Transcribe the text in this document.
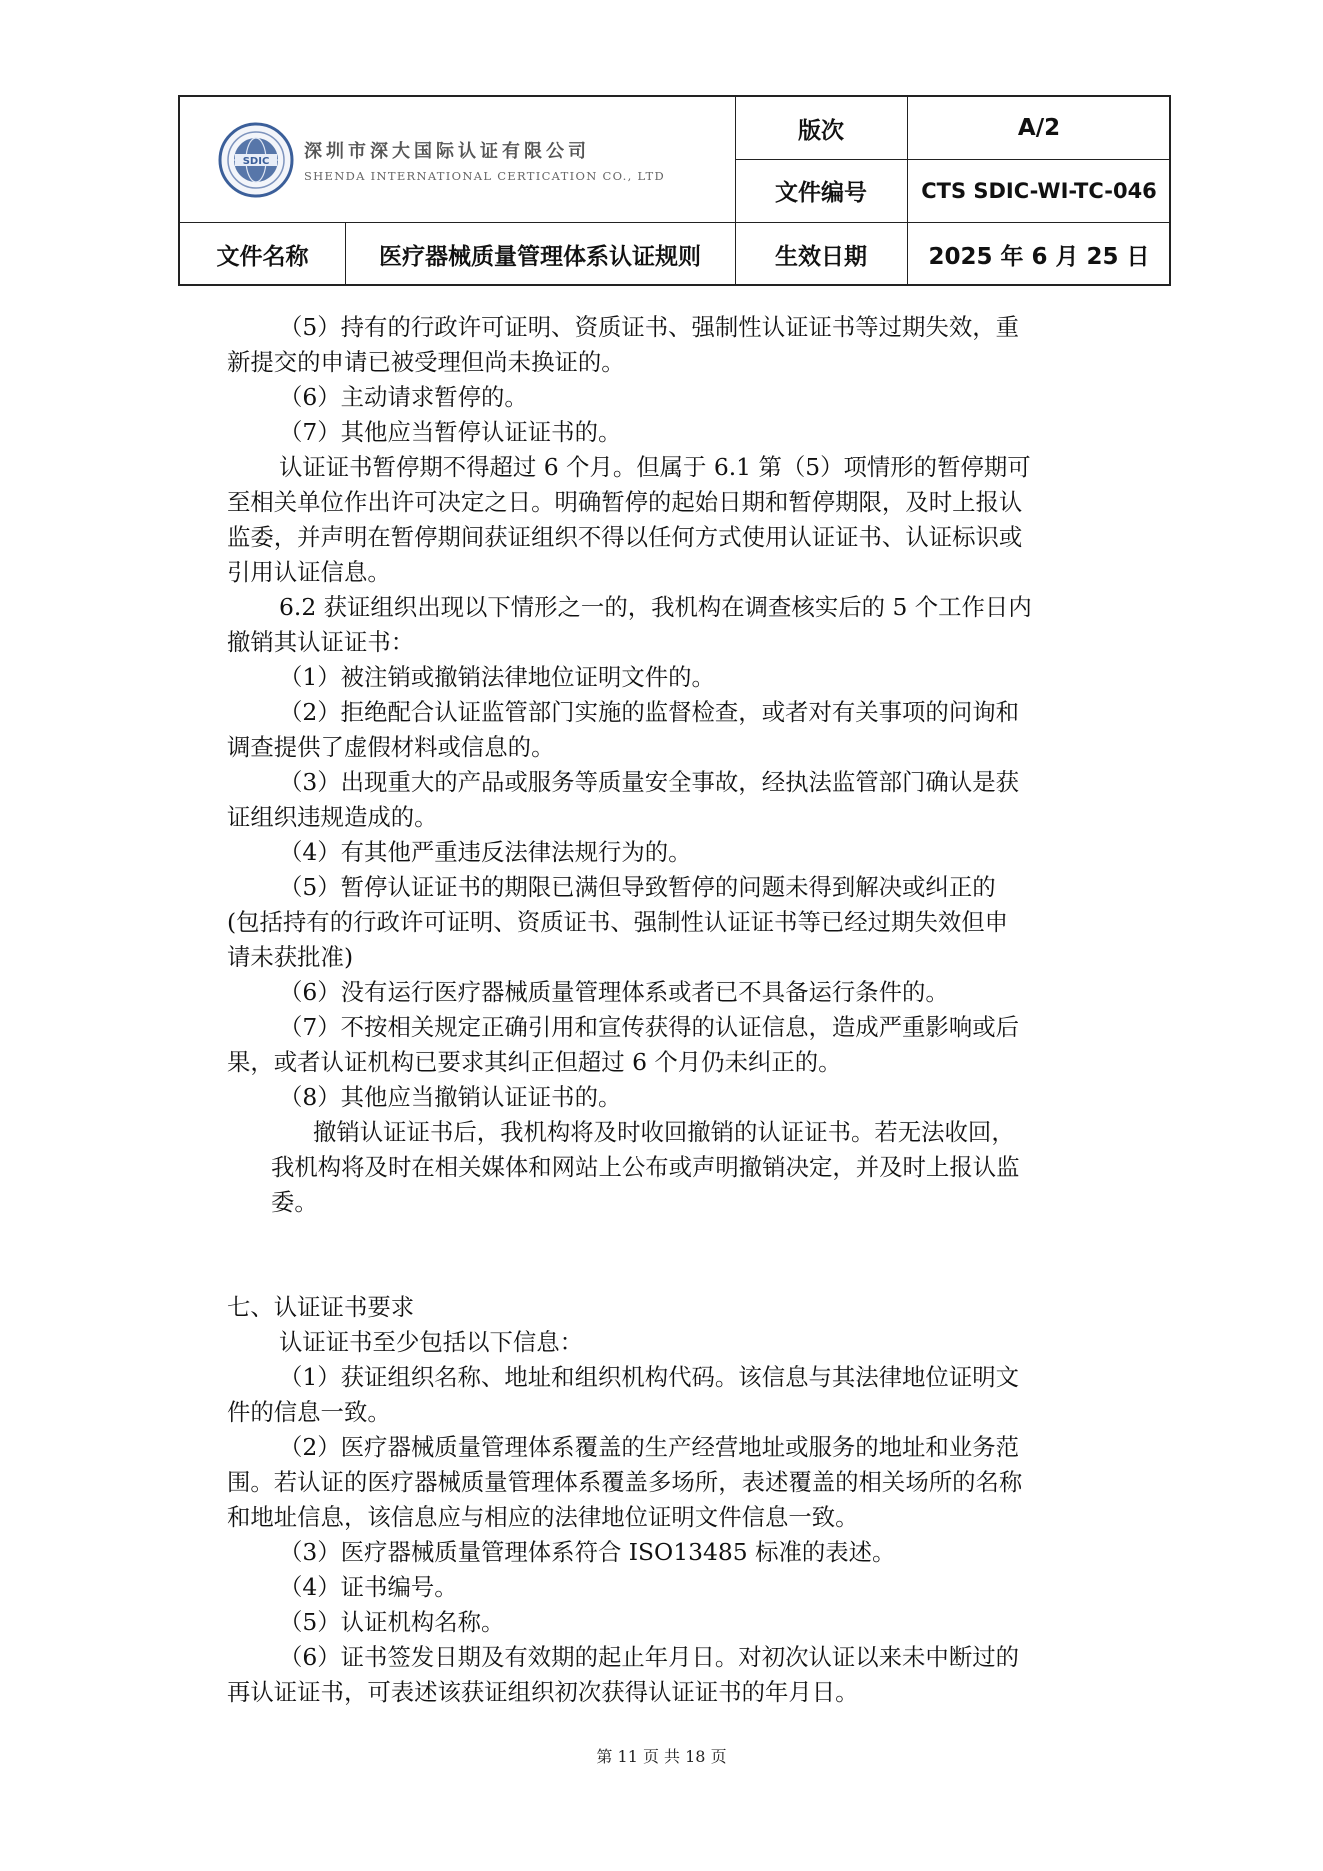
SDIC 深圳市深大国际认证有限公司
SHENDA INTERNATIONAL CERTICATION CO., LTD
版次	A/2
文件编号	CTS SDIC-WI-TC-046
文件名称	医疗器械质量管理体系认证规则	生效日期	2025 年 6 月 25 日

（5）持有的行政许可证明、资质证书、强制性认证证书等过期失效，重

新提交的申请已被受理但尚未换证的。

（6）主动请求暂停的。

（7）其他应当暂停认证证书的。

认证证书暂停期不得超过 6 个月。但属于 6.1 第（5）项情形的暂停期可

至相关单位作出许可决定之日。明确暂停的起始日期和暂停期限，及时上报认

监委，并声明在暂停期间获证组织不得以任何方式使用认证证书、认证标识或

引用认证信息。

6.2 获证组织出现以下情形之一的，我机构在调查核实后的 5 个工作日内

撤销其认证证书：

（1）被注销或撤销法律地位证明文件的。

（2）拒绝配合认证监管部门实施的监督检查，或者对有关事项的问询和

调查提供了虚假材料或信息的。

（3）出现重大的产品或服务等质量安全事故，经执法监管部门确认是获

证组织违规造成的。

（4）有其他严重违反法律法规行为的。

（5）暂停认证证书的期限已满但导致暂停的问题未得到解决或纠正的

(包括持有的行政许可证明、资质证书、强制性认证证书等已经过期失效但申

请未获批准)

（6）没有运行医疗器械质量管理体系或者已不具备运行条件的。

（7）不按相关规定正确引用和宣传获得的认证信息，造成严重影响或后

果，或者认证机构已要求其纠正但超过 6 个月仍未纠正的。

（8）其他应当撤销认证证书的。

撤销认证证书后，我机构将及时收回撤销的认证证书。若无法收回，

我机构将及时在相关媒体和网站上公布或声明撤销决定，并及时上报认监

委。

七、认证证书要求

认证证书至少包括以下信息：

（1）获证组织名称、地址和组织机构代码。该信息与其法律地位证明文

件的信息一致。

（2）医疗器械质量管理体系覆盖的生产经营地址或服务的地址和业务范

围。若认证的医疗器械质量管理体系覆盖多场所，表述覆盖的相关场所的名称

和地址信息，该信息应与相应的法律地位证明文件信息一致。

（3）医疗器械质量管理体系符合 ISO13485 标准的表述。

（4）证书编号。

（5）认证机构名称。

（6）证书签发日期及有效期的起止年月日。对初次认证以来未中断过的

再认证证书，可表述该获证组织初次获得认证证书的年月日。

第 11 页 共 18 页
